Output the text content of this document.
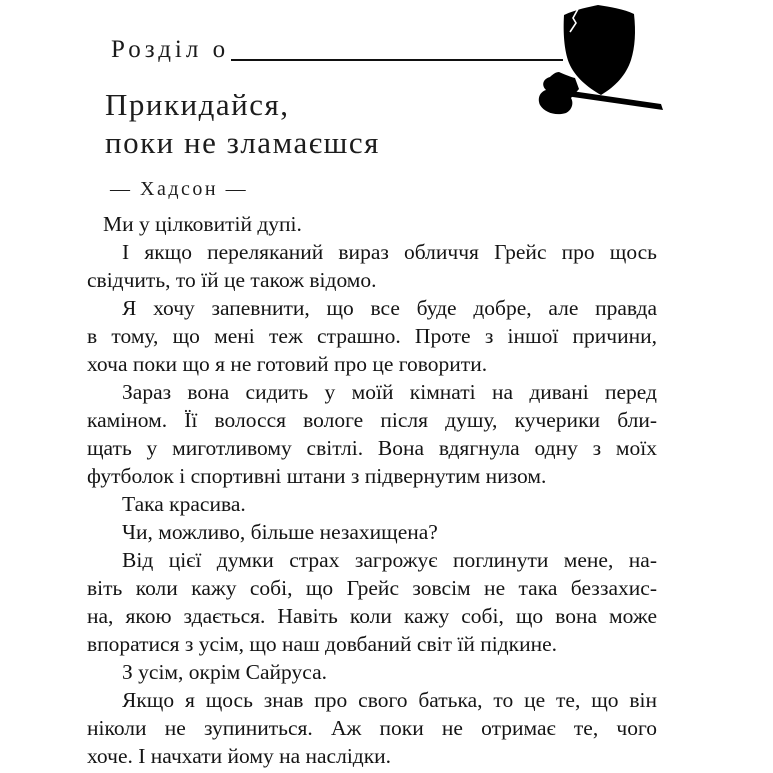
Розділ о
Прикидайся,
поки не зламаєшся
— Хадсон —
Ми у цілковитій дупі.
І якщо переляканий вираз обличчя Грейс про щось
свідчить, то їй це також відомо.
Я хочу запевнити, що все буде добре, але правда
в тому, що мені теж страшно. Проте з іншої причини,
хоча поки що я не готовий про це говорити.
Зараз вона сидить у моїй кімнаті на дивані перед
каміном. Її волосся вологе після душу, кучерики бли-
щать у миготливому світлі. Вона вдягнула одну з моїх
футболок і спортивні штани з підвернутим низом.
Така красива.
Чи, можливо, більше незахищена?
Від цієї думки страх загрожує поглинути мене, на-
віть коли кажу собі, що Грейс зовсім не така беззахис-
на, якою здається. Навіть коли кажу собі, що вона може
впоратися з усім, що наш довбаний світ їй підкине.
З усім, окрім Сайруса.
Якщо я щось знав про свого батька, то це те, що він
ніколи не зупиниться. Аж поки не отримає те, чого
хоче. І начхати йому на наслідки.
